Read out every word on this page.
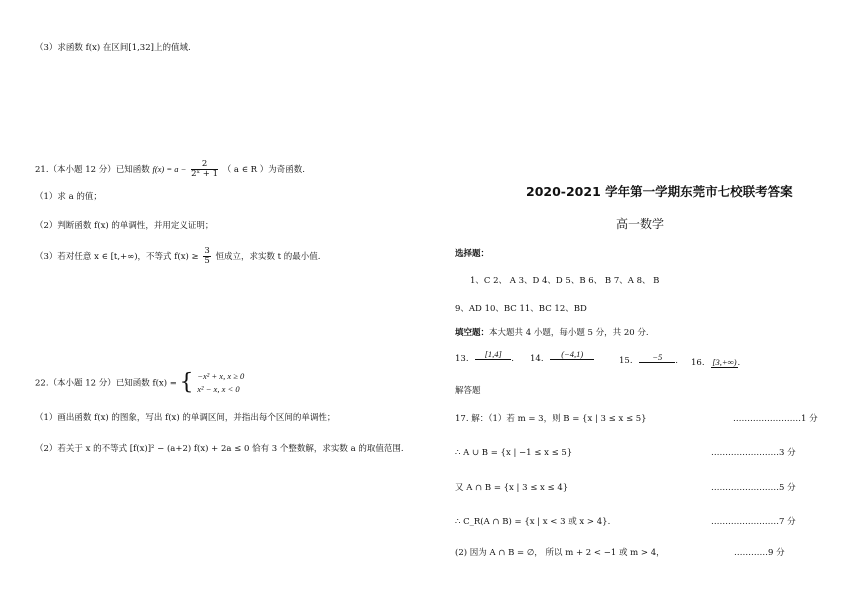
（3）求函数 f(x) 在区间[1,32]上的值域.
21.（本小题 12 分）已知函数 $f(x) = a - \frac{2}{\text{2ˣ + 1}}$ （ a ∈ R ）为奇函数.
（1）求 a 的值；
（2）判断函数 f(x) 的单调性，并用定义证明；
（3）若对任意 x ∈ [t,+∞)，不等式 $f(x) \ge \frac{3}{5}$ 恒成立，求实数 t 的最小值.
22.（本小题 12 分）已知函数 f(x) = { −x² + x, x ≥ 0
x² − x, x < 0
（1）画出函数 f(x) 的图象，写出 f(x) 的单调区间，并指出每个区间的单调性；
（2）若关于 x 的不等式 [f(x)]² − (a+2) f(x) + 2a ≤ 0 恰有 3 个整数解，求实数 a 的取值范围.
2020-2021 学年第一学期东莞市七校联考答案
高一数学
选择题：
1、C 2、 A 3、D 4、D 5、B 6、 B 7、A 8、 B
9、AD 10、BC 11、BC 12、BD
填空题：本大题共 4 小题，每小题 5 分，共 20 分.
13. [1,4] . 14. (−4,1)
15. −5 . 16. [3,+∞).
解答题
17. 解：（1）若 m = 3，则 B = {x | 3 ≤ x ≤ 5}	……………………1 分
∴ A ∪ B = {x | −1 ≤ x ≤ 5}	……………………3 分
又 A ∩ B = {x | 3 ≤ x ≤ 4}	……………………5 分
∴ C_R(A ∩ B) = {x | x < 3 或 x > 4}.	……………………7 分
(2) 因为 A ∩ B = ∅， 所以 m + 2 < −1 或 m > 4，	…………9 分
